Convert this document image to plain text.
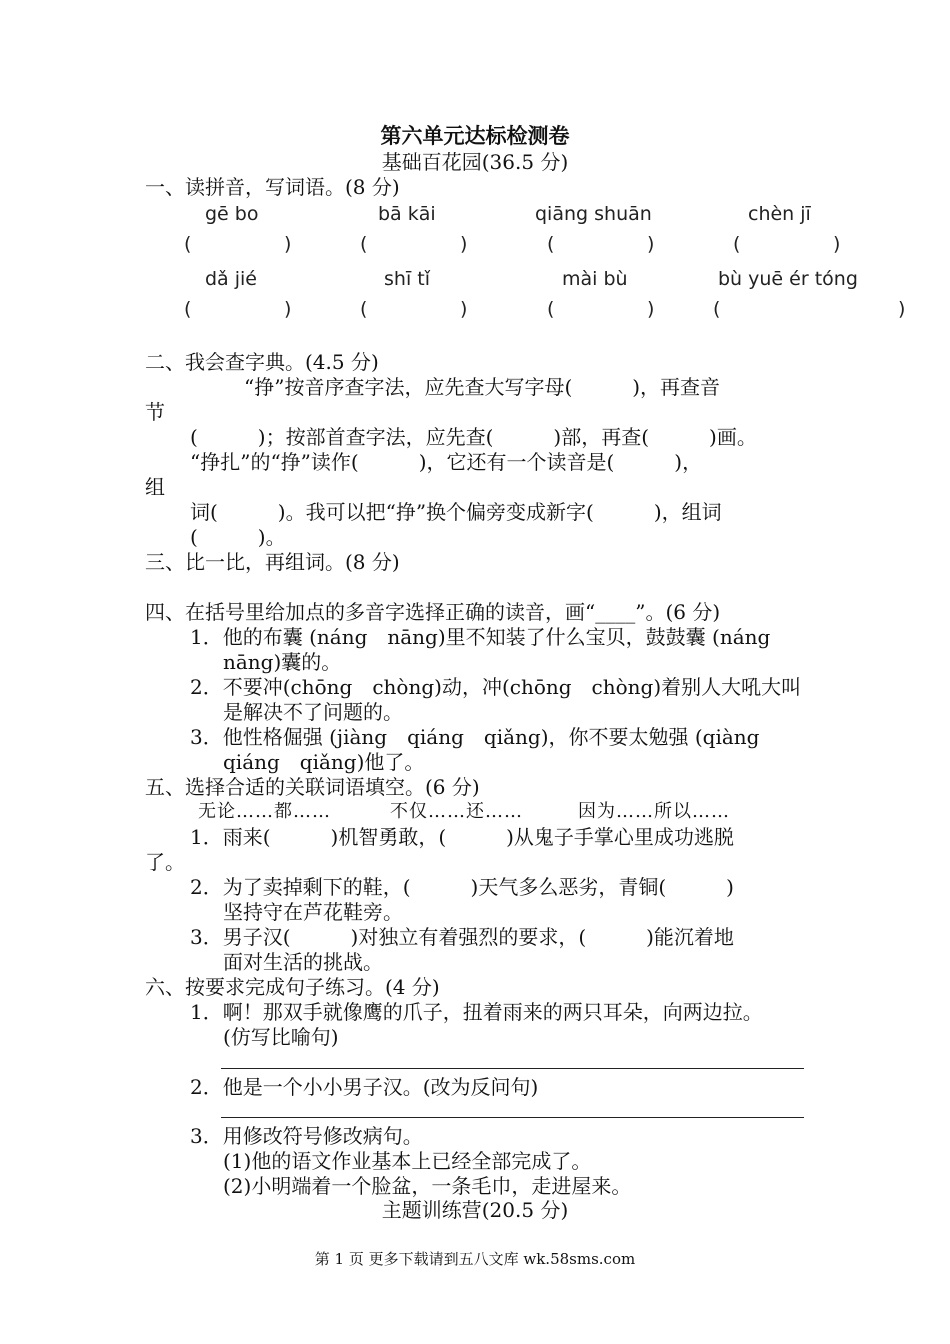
第六单元达标检测卷
基础百花园(36.5 分)
一、读拼音，写词语。(8 分)
gē bo	bā kāi	qiāng shuān	chèn jī
(	)	(	)	(	)	(	)
dǎ jié	shī tǐ	mài bù	bù yuē ér tóng
(	)	(	)	(	)	(	)
二、我会查字典。(4.5 分)
“挣”按音序查字法，应先查大写字母(　　　)，再查音
节
(　　　)；按部首查字法，应先查(　　　)部，再查(　　　)画。
“挣扎”的“挣”读作(　　　)，它还有一个读音是(　　　)，
组
词(　　　)。我可以把“挣”换个偏旁变成新字(　　　)，组词
(　　　)。
三、比一比，再组词。(8 分)
四、在括号里给加点的多音字选择正确的读音，画“____”。(6 分)
1．他的布囊 (náng　nāng)里不知装了什么宝贝，鼓鼓囊 (náng
nāng)囊的。
2．不要冲(chōng　chòng)动，冲(chōng　chòng)着别人大吼大叫
是解决不了问题的。
3．他性格倔强 (jiàng　qiáng　qiǎng)，你不要太勉强 (qiàng
qiáng　qiǎng)他了。
五、选择合适的关联词语填空。(6 分)
无论……都……	不仅……还……	因为……所以……
1．雨来(　　　)机智勇敢，(　　　)从鬼子手掌心里成功逃脱
了。
2．为了卖掉剩下的鞋，(　　　)天气多么恶劣，青铜(　　　)
坚持守在芦花鞋旁。
3．男子汉(　　　)对独立有着强烈的要求，(　　　)能沉着地
面对生活的挑战。
六、按要求完成句子练习。(4 分)
1．啊！那双手就像鹰的爪子，扭着雨来的两只耳朵，向两边拉。
(仿写比喻句)
2．他是一个小小男子汉。(改为反问句)
3．用修改符号修改病句。
(1)他的语文作业基本上已经全部完成了。
(2)小明端着一个脸盆，一条毛巾，走进屋来。
主题训练营(20.5 分)
第 1 页 更多下载请到五八文库 wk.58sms.com
